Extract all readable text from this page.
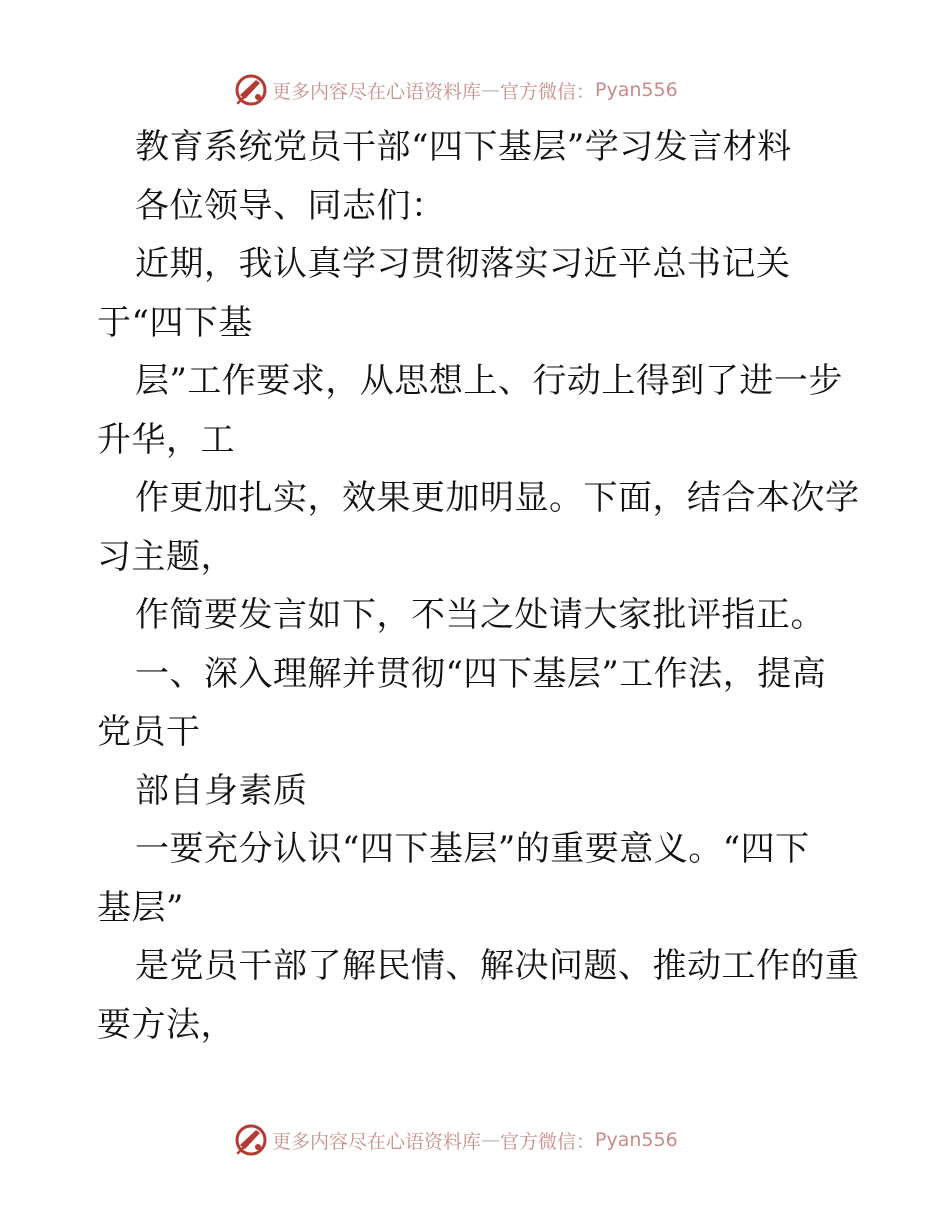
更多内容尽在心语资料库 — 官方微信： Pyan556
教育系统党员干部“四下基层”学习发言材料
各位领导、同志们：
近期，我认真学习贯彻落实习近平总书记关
于“四下基
层”工作要求，从思想上、行动上得到了进一步
升华，工
作更加扎实，效果更加明显。下面，结合本次学
习主题，
作简要发言如下，不当之处请大家批评指正。
一、深入理解并贯彻“四下基层”工作法，提高
党员干
部自身素质
一要充分认识“四下基层”的重要意义。“四下
基层”
是党员干部了解民情、解决问题、推动工作的重
要方法，
更多内容尽在心语资料库 — 官方微信： Pyan556
